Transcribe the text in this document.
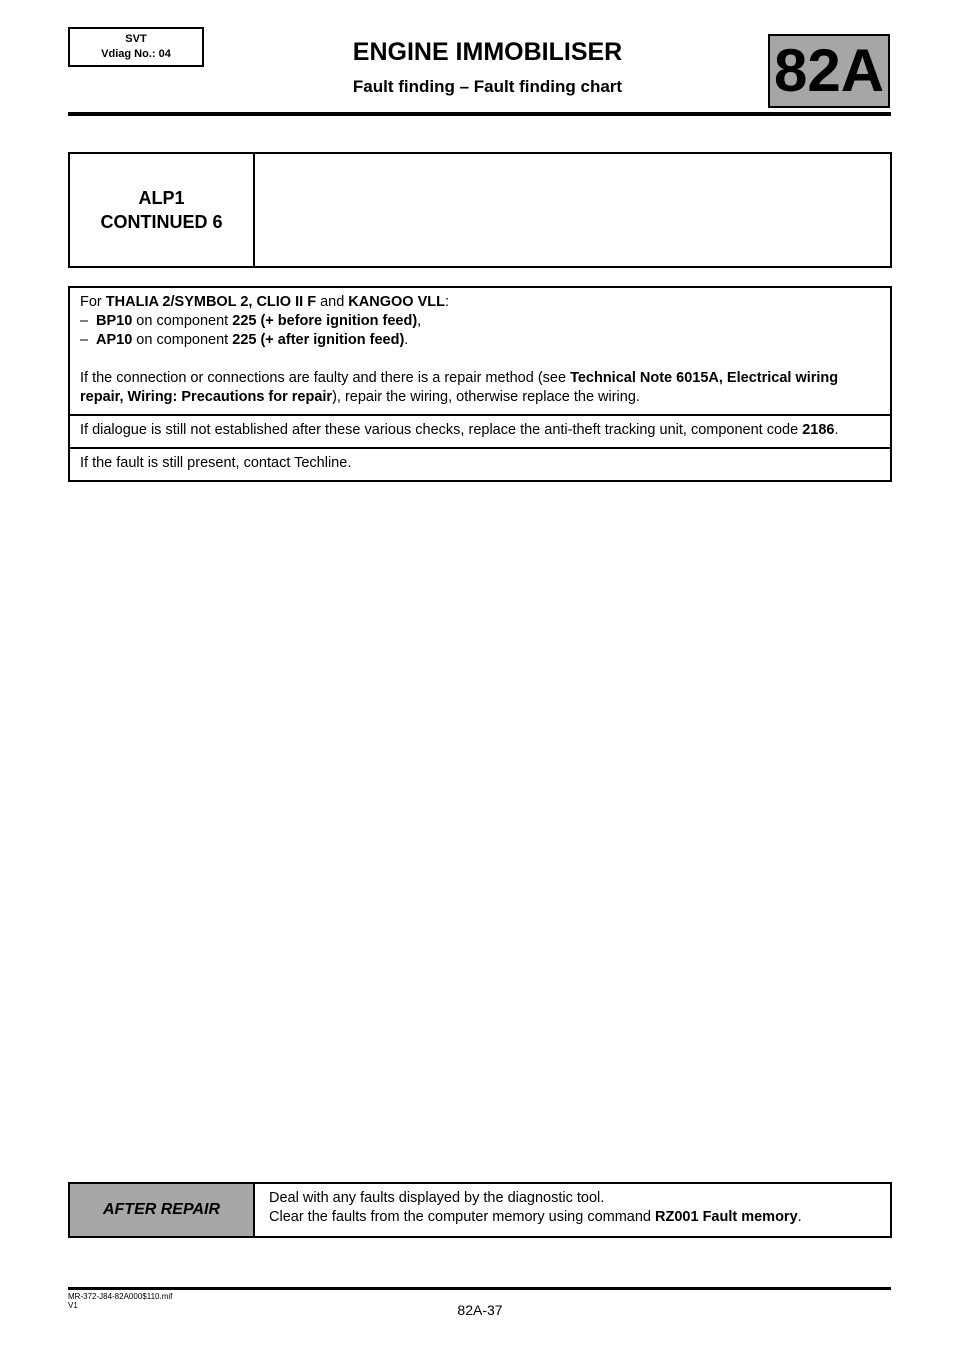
SVT
Vdiag No.: 04	ENGINE IMMOBILISER
Fault finding – Fault finding chart	82A
ALP1
CONTINUED 6

For THALIA 2/SYMBOL 2, CLIO II F and KANGOO VLL:

– BP10 on component 225 (+ before ignition feed),

– AP10 on component 225 (+ after ignition feed).

If the connection or connections are faulty and there is a repair method (see Technical Note 6015A, Electrical wiring repair, Wiring: Precautions for repair), repair the wiring, otherwise replace the wiring.

If dialogue is still not established after these various checks, replace the anti-theft tracking unit, component code 2186.

If the fault is still present, contact Techline.

AFTER REPAIR
Deal with any faults displayed by the diagnostic tool.
Clear the faults from the computer memory using command RZ001 Fault memory.
MR-372-J84-82A000$110.mif
V1	82A-37
